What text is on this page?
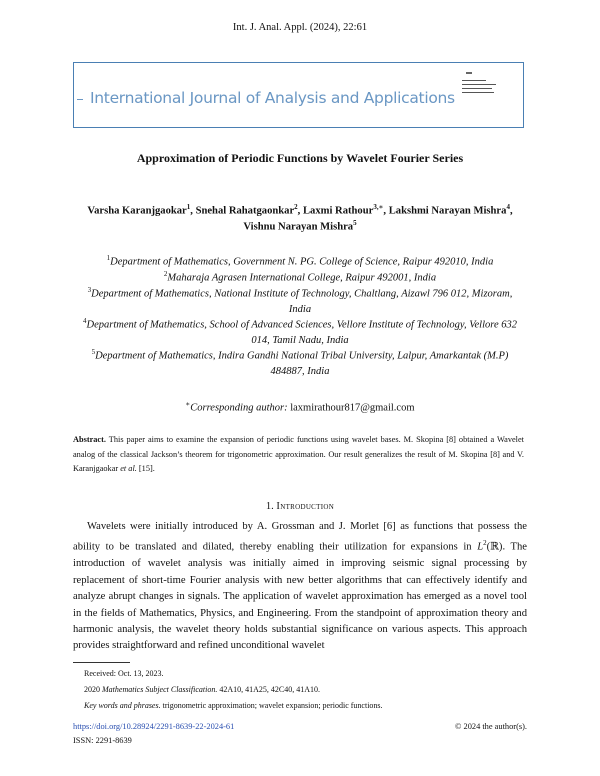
Int. J. Anal. Appl. (2024), 22:61
International Journal of Analysis and Applications
Approximation of Periodic Functions by Wavelet Fourier Series
Varsha Karanjgaokar$^1$, Snehal Rahatgaonkar$^2$, Laxmi Rathour$^{3,∗}$, Lakshmi Narayan Mishra$^4$,
Vishnu Narayan Mishra$^5$
$^1$Department of Mathematics, Government N. PG. College of Science, Raipur 492010, India
$^2$Maharaja Agrasen International College, Raipur 492001, India
$^3$Department of Mathematics, National Institute of Technology, Chaltlang, Aizawl 796 012, Mizoram, India
$^4$Department of Mathematics, School of Advanced Sciences, Vellore Institute of Technology, Vellore 632 014, Tamil Nadu, India
$^5$Department of Mathematics, Indira Gandhi National Tribal University, Lalpur, Amarkantak (M.P) 484887, India
∗Corresponding author: laxmirathour817@gmail.com
Abstract. This paper aims to examine the expansion of periodic functions using wavelet bases. M. Skopina [8] obtained a Wavelet analog of the classical Jackson’s theorem for trigonometric approximation. Our result generalizes the result of M. Skopina [8] and V. Karanjgaokar et al. [15].
1. Introduction

Wavelets were initially introduced by A. Grossman and J. Morlet [6] as functions that possess the ability to be translated and dilated, thereby enabling their utilization for expansions in $L^2(ℝ)$. The introduction of wavelet analysis was initially aimed in improving seismic signal processing by replacement of short-time Fourier analysis with new better algorithms that can effectively identify and analyze abrupt changes in signals. The application of wavelet approximation has emerged as a novel tool in the fields of Mathematics, Physics, and Engineering. From the standpoint of approximation theory and harmonic analysis, the wavelet theory holds substantial significance on various aspects. This approach provides straightforward and refined unconditional wavelet

Received: Oct. 13, 2023.
2020 Mathematics Subject Classification. 42A10, 41A25, 42C40, 41A10.
Key words and phrases. trigonometric approximation; wavelet expansion; periodic functions.
https://doi.org/10.28924/2291-8639-22-2024-61
ISSN: 2291-8639
© 2024 the author(s).
